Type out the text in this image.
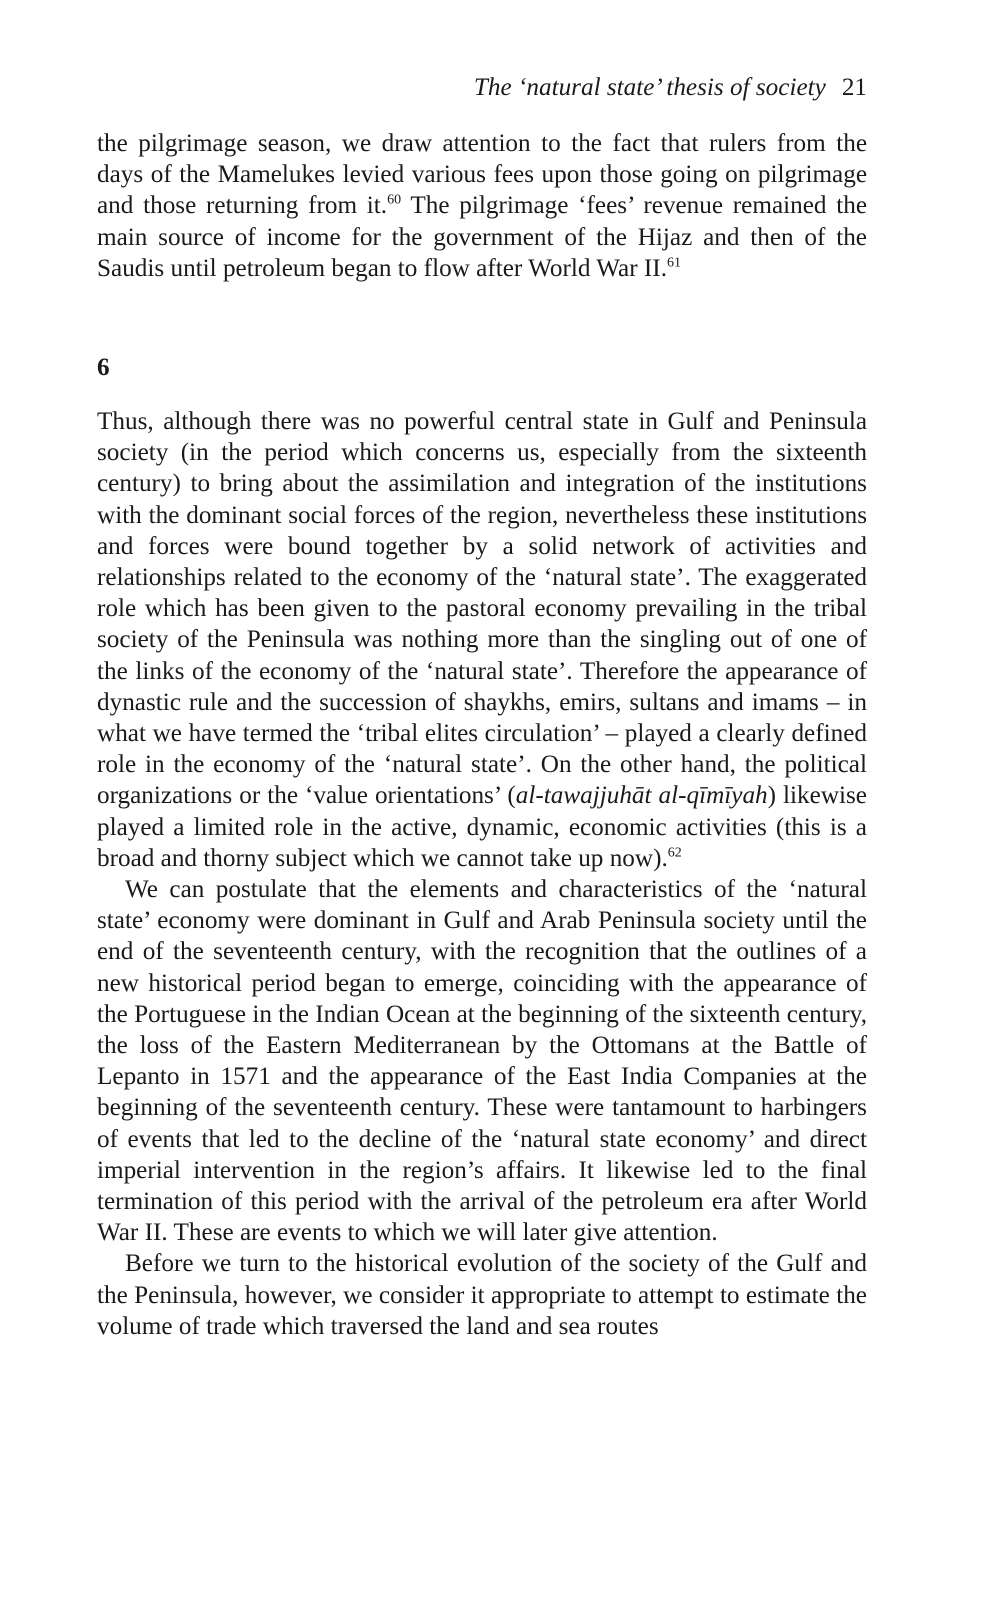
The ‘natural state’ thesis of society 21

the pilgrimage season, we draw attention to the fact that rulers from the days of the Mamelukes levied various fees upon those going on pilgrimage and those returning from it.$^{60}$ The pilgrimage ‘fees’ revenue remained the main source of income for the government of the Hijaz and then of the Saudis until petroleum began to flow after World War II.$^{61}$

6

Thus, although there was no powerful central state in Gulf and Peninsula society (in the period which concerns us, especially from the sixteenth century) to bring about the assimilation and integration of the institutions with the dominant social forces of the region, nevertheless these institutions and forces were bound together by a solid network of activities and relationships related to the economy of the ‘natural state’. The exaggerated role which has been given to the pastoral economy prevailing in the tribal society of the Peninsula was nothing more than the singling out of one of the links of the economy of the ‘natural state’. Therefore the appearance of dynastic rule and the succession of shaykhs, emirs, sultans and imams – in what we have termed the ‘tribal elites circulation’ – played a clearly defined role in the economy of the ‘natural state’. On the other hand, the political organizations or the ‘value orientations’ (al-tawajjuhāt al-qīmīyah) likewise played a limited role in the active, dynamic, economic activities (this is a broad and thorny subject which we cannot take up now).$^{62}$

We can postulate that the elements and characteristics of the ‘natural state’ economy were dominant in Gulf and Arab Peninsula society until the end of the seventeenth century, with the recognition that the outlines of a new historical period began to emerge, coinciding with the appearance of the Portuguese in the Indian Ocean at the beginning of the sixteenth century, the loss of the Eastern Mediterranean by the Ottomans at the Battle of Lepanto in 1571 and the appearance of the East India Companies at the beginning of the seventeenth century. These were tantamount to harbingers of events that led to the decline of the ‘natural state economy’ and direct imperial intervention in the region’s affairs. It likewise led to the final termination of this period with the arrival of the petroleum era after World War II. These are events to which we will later give attention.

Before we turn to the historical evolution of the society of the Gulf and the Peninsula, however, we consider it appropriate to attempt to estimate the volume of trade which traversed the land and sea routes
